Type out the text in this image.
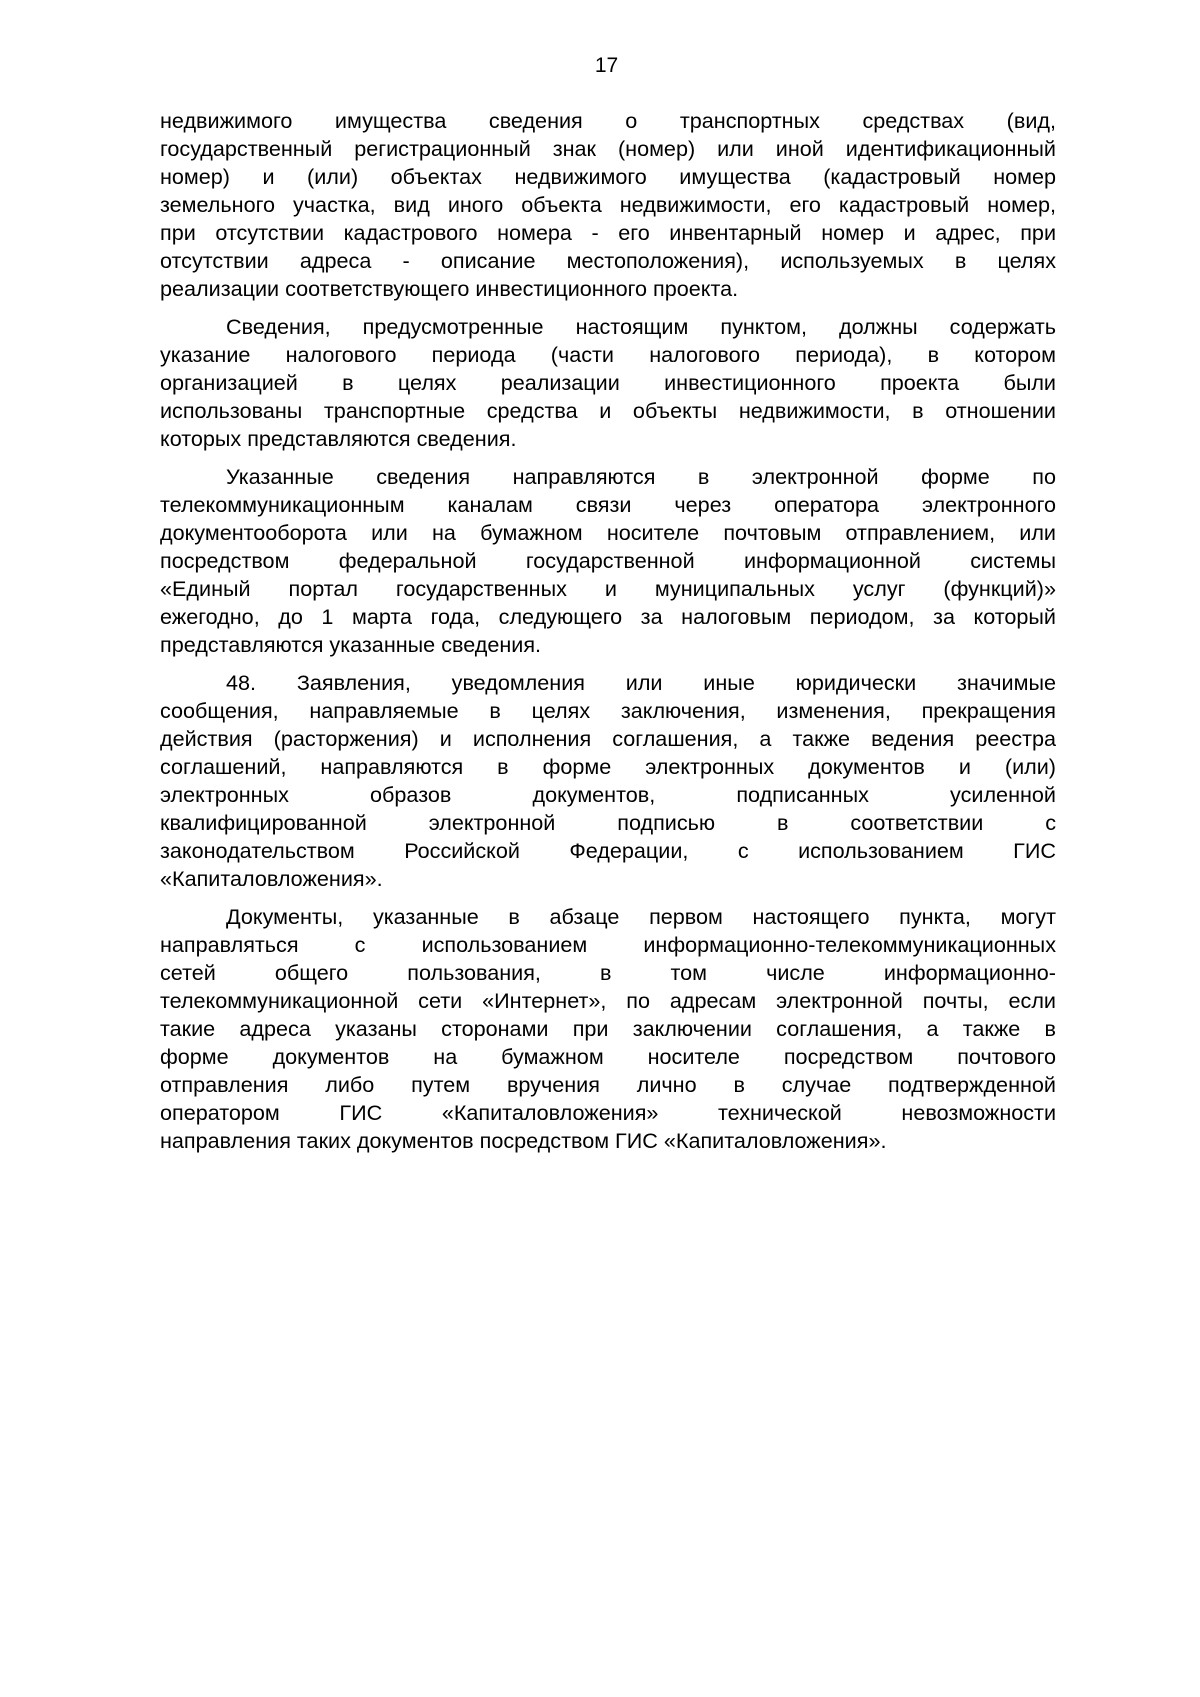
17
недвижимого имущества сведения о транспортных средствах (вид,
государственный регистрационный знак (номер) или иной идентификационный
номер) и (или) объектах недвижимого имущества (кадастровый номер
земельного участка, вид иного объекта недвижимости, его кадастровый номер,
при отсутствии кадастрового номера - его инвентарный номер и адрес, при
отсутствии адреса - описание местоположения), используемых в целях
реализации соответствующего инвестиционного проекта.
Сведения, предусмотренные настоящим пунктом, должны содержать
указание налогового периода (части налогового периода), в котором
организацией в целях реализации инвестиционного проекта были
использованы транспортные средства и объекты недвижимости, в отношении
которых представляются сведения.
Указанные сведения направляются в электронной форме по
телекоммуникационным каналам связи через оператора электронного
документооборота или на бумажном носителе почтовым отправлением, или
посредством федеральной государственной информационной системы
«Единый портал государственных и муниципальных услуг (функций)»
ежегодно, до 1 марта года, следующего за налоговым периодом, за который
представляются указанные сведения.
48. Заявления, уведомления или иные юридически значимые
сообщения, направляемые в целях заключения, изменения, прекращения
действия (расторжения) и исполнения соглашения, а также ведения реестра
соглашений, направляются в форме электронных документов и (или)
электронных образов документов, подписанных усиленной
квалифицированной электронной подписью в соответствии с
законодательством Российской Федерации, с использованием ГИС
«Капиталовложения».
Документы, указанные в абзаце первом настоящего пункта, могут
направляться с использованием информационно-телекоммуникационных
сетей общего пользования, в том числе информационно-
телекоммуникационной сети «Интернет», по адресам электронной почты, если
такие адреса указаны сторонами при заключении соглашения, а также в
форме документов на бумажном носителе посредством почтового
отправления либо путем вручения лично в случае подтвержденной
оператором ГИС «Капиталовложения» технической невозможности
направления таких документов посредством ГИС «Капиталовложения».
